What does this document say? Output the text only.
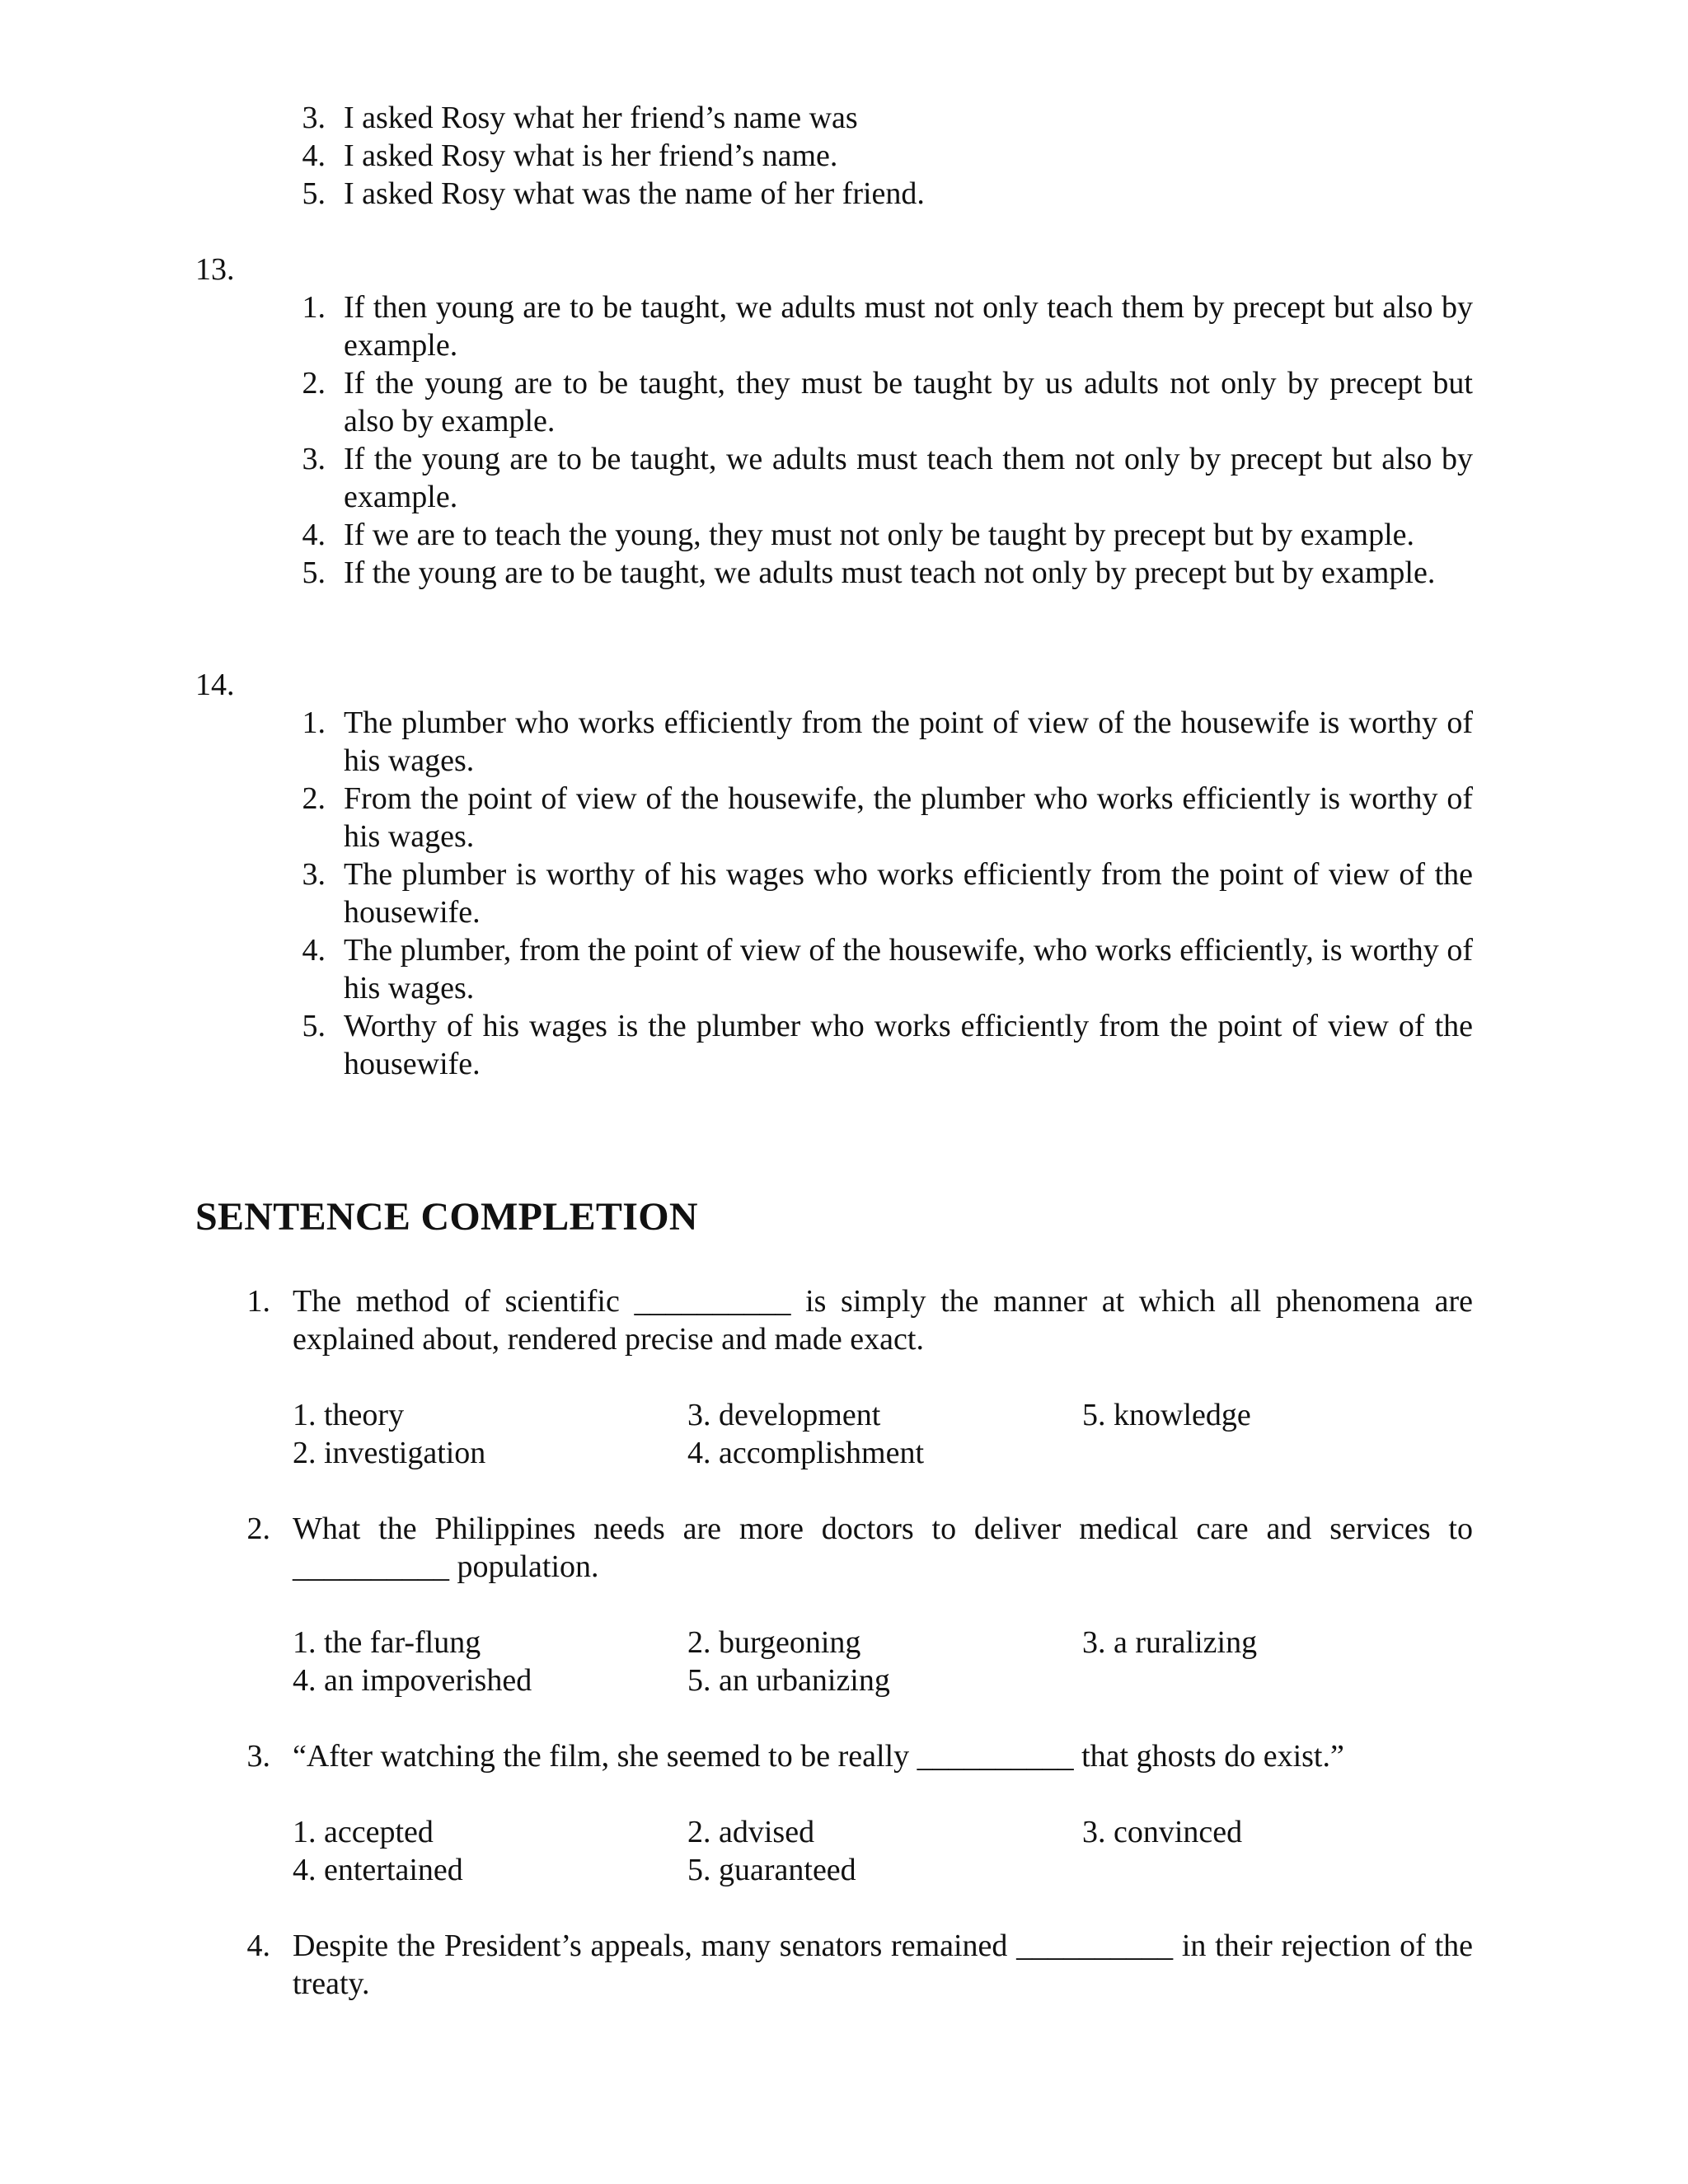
3. I asked Rosy what her friend’s name was
4. I asked Rosy what is her friend’s name.
5. I asked Rosy what was the name of her friend.
13.
1. If then young are to be taught, we adults must not only teach them by precept but also by example.
2. If the young are to be taught, they must be taught by us adults not only by precept but also by example.
3. If the young are to be taught, we adults must teach them not only by precept but also by example.
4. If we are to teach the young, they must not only be taught by precept but by example.
5. If the young are to be taught, we adults must teach not only by precept but by example.
14.
1. The plumber who works efficiently from the point of view of the housewife is worthy of his wages.
2. From the point of view of the housewife, the plumber who works efficiently is worthy of his wages.
3. The plumber is worthy of his wages who works efficiently from the point of view of the housewife.
4. The plumber, from the point of view of the housewife, who works efficiently, is worthy of his wages.
5. Worthy of his wages is the plumber who works efficiently from the point of view of the housewife.
SENTENCE COMPLETION
1. The method of scientific __________ is simply the manner at which all phenomena are explained about, rendered precise and made exact.
1. theory	3. development	5. knowledge
2. investigation	4. accomplishment
2. What the Philippines needs are more doctors to deliver medical care and services to __________ population.
1. the far-flung	2. burgeoning	3. a ruralizing
4. an impoverished	5. an urbanizing
3. “After watching the film, she seemed to be really __________ that ghosts do exist.”
1. accepted	2. advised	3. convinced
4. entertained	5. guaranteed
4. Despite the President’s appeals, many senators remained __________ in their rejection of the treaty.
